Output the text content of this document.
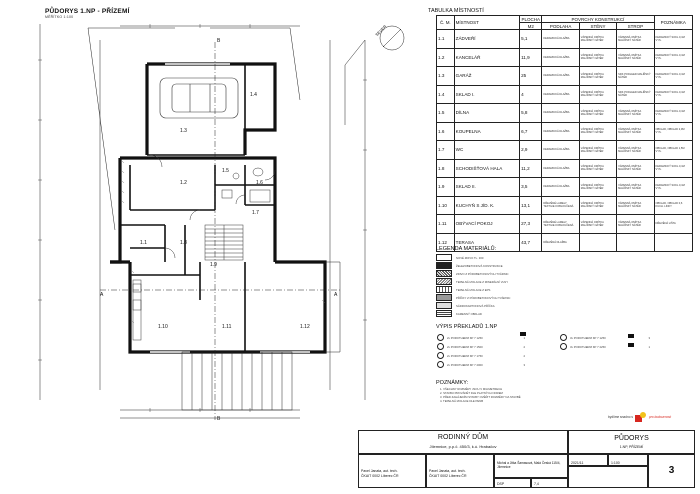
PŮDORYS 1.NP - PŘÍZEMÍ
MĚŘÍTKO 1:100
1.4
1.3
1.2
1.5
1.6
1.7
1.1	1.8
1.9
1.10	1.11	1.12
A	A
B
B
SEVER
TABULKA MÍSTNOSTÍ
Č. M.	MÍSTNOST	PLOCHA	POVRCHY KONSTRUKCÍ			POZNÁMKA
		M2	PODLAHA	STĚNY	STROP	
1.1	ZÁDVEŘÍ	5,1	KERAMICKÁ DLAŽBA	VÁPENNÁ OMÍTKA MALÍŘSKÝ NÁTĚR	VÁPENNÁ OMÍTKA MALÍŘSKÝ NÁTĚR	KERAMICKÝ SOKL 0,1M VYS.
1.2	KANCELÁŘ	11,9	KERAMICKÁ DLAŽBA	VÁPENNÁ OMÍTKA MALÍŘSKÝ NÁTĚR	VÁPENNÁ OMÍTKA MALÍŘSKÝ NÁTĚR	KERAMICKÝ SOKL 0,1M VYS.
1.3	GARÁŽ	25	KERAMICKÁ DLAŽBA	VÁPENNÁ OMÍTKA MALÍŘSKÝ NÁTĚR	SDK PODHLED MALÍŘSKÝ NÁTĚR	KERAMICKÝ SOKL 0,1M VYS.
1.4	SKLAD I.	4	KERAMICKÁ DLAŽBA	VÁPENNÁ OMÍTKA MALÍŘSKÝ NÁTĚR	SDK PODHLED MALÍŘSKÝ NÁTĚR	KERAMICKÝ SOKL 0,1M VYS.
1.5	DÍLNA	5,8	KERAMICKÁ DLAŽBA	VÁPENNÁ OMÍTKA MALÍŘSKÝ NÁTĚR	VÁPENNÁ OMÍTKA MALÍŘSKÝ NÁTĚR	KERAMICKÝ SOKL 0,1M VYS.
1.6	KOUPELNA	6,7	KERAMICKÁ DLAŽBA	VÁPENNÁ OMÍTKA MALÍŘSKÝ NÁTĚR	VÁPENNÁ OMÍTKA MALÍŘSKÝ NÁTĚR	OBKLAD, OBKLAD 2,0M VYS.
1.7	WC	2,9	KERAMICKÁ DLAŽBA	VÁPENNÁ OMÍTKA MALÍŘSKÝ NÁTĚR	VÁPENNÁ OMÍTKA MALÍŘSKÝ NÁTĚR	OBKLAD, OBKLAD 1,5M VYS.
1.8	SCHODIŠŤOVÁ HALA	11,2	KERAMICKÁ DLAŽBA	VÁPENNÁ OMÍTKA MALÍŘSKÝ NÁTĚR	VÁPENNÁ OMÍTKA MALÍŘSKÝ NÁTĚR	KERAMICKÝ SOKL 0,1M VYS.
1.9	SKLAD II.	3,5	KERAMICKÁ DLAŽBA	VÁPENNÁ OMÍTKA MALÍŘSKÝ NÁTĚR	VÁPENNÁ OMÍTKA MALÍŘSKÝ NÁTĚR	KERAMICKÝ SOKL 0,1M VYS.
1.10	KUCHYŇ S JÍD. K.	13,1	DŘEVĚNÉ LAMELY, TEXTILIE KOBLOUČENÁ	VÁPENNÁ OMÍTKA MALÍŘSKÝ NÁTĚR	VÁPENNÁ OMÍTKA MALÍŘSKÝ NÁTĚR	OBKLAD, OBKLAD 0,6 KUCH. LINKY
1.11	OBÝVACÍ POKOJ	27,3	DŘEVĚNÉ LAMELY, TEXTILIE KOBLOUČENÁ	VÁPENNÁ OMÍTKA MALÍŘSKÝ NÁTĚR	VÁPENNÁ OMÍTKA MALÍŘSKÝ NÁTĚR	DŘEVĚNÁ LIŠTA
1.12	TERASA	43,7	DŘEVĚNÁ DLAŽBA			
LEGENDA MATERIÁLŮ:
NOVÉ ZDIVO TL. 300
ŽELEZOBETONOVÁ KONSTRUKCE
ZDIVO Z PÓROBETONOVÝCH TVÁRNIC
TEPELNÁ IZOLACE Z MINERÁLNÍ VLNY
TEPELNÁ IZOLACE Z EPS
PŘÍČKY Z PÓROBETONOVÝCH TVÁRNIC
SÁDROKARTONOVÁ PŘÍČKA
KAMENNÝ OBKLAD
VÝPIS PŘEKLADŮ 1.NP
2x POROTHERM KP 7 1250	1
2x POROTHERM KP 7 1500	2
2x POROTHERM KP 7 1750	2
2x POROTHERM KP 7 2000	3
3x POROTHERM KP 7 1250	3
3x POROTHERM KP 7 2250	1
POZNÁMKY:
1. VŠECHNY ROZMĚRY JSOU V MILIMETRECH
2. STAVBU PROVÁDĚT DLE PLATNÝCH NOREM
3. PŘED ZAHÁJENÍM STAVBY OVĚŘIT ROZMĚRY NA STAVBĚ
4. TEPELNÁ IZOLACE DLE PENB
bydlíme snadno s	pro budoucnost
RODINNÝ DŮM
Jílemnice, p.p.č. 450/3, k.ú. Hrabačov
PŮDORYS
1.NP, PŘÍZEMÍ
Pavel Janata, aut. tech.
ČKAIT 0002 Liberec ČR
Pavel Janata, aut. tech.
ČKAIT 0002 Liberec ČR
Michal a Jitka Šamasová, Malá Česká 115/4, Jílemnice
DSP	7,4
2021/11	1:100
3
